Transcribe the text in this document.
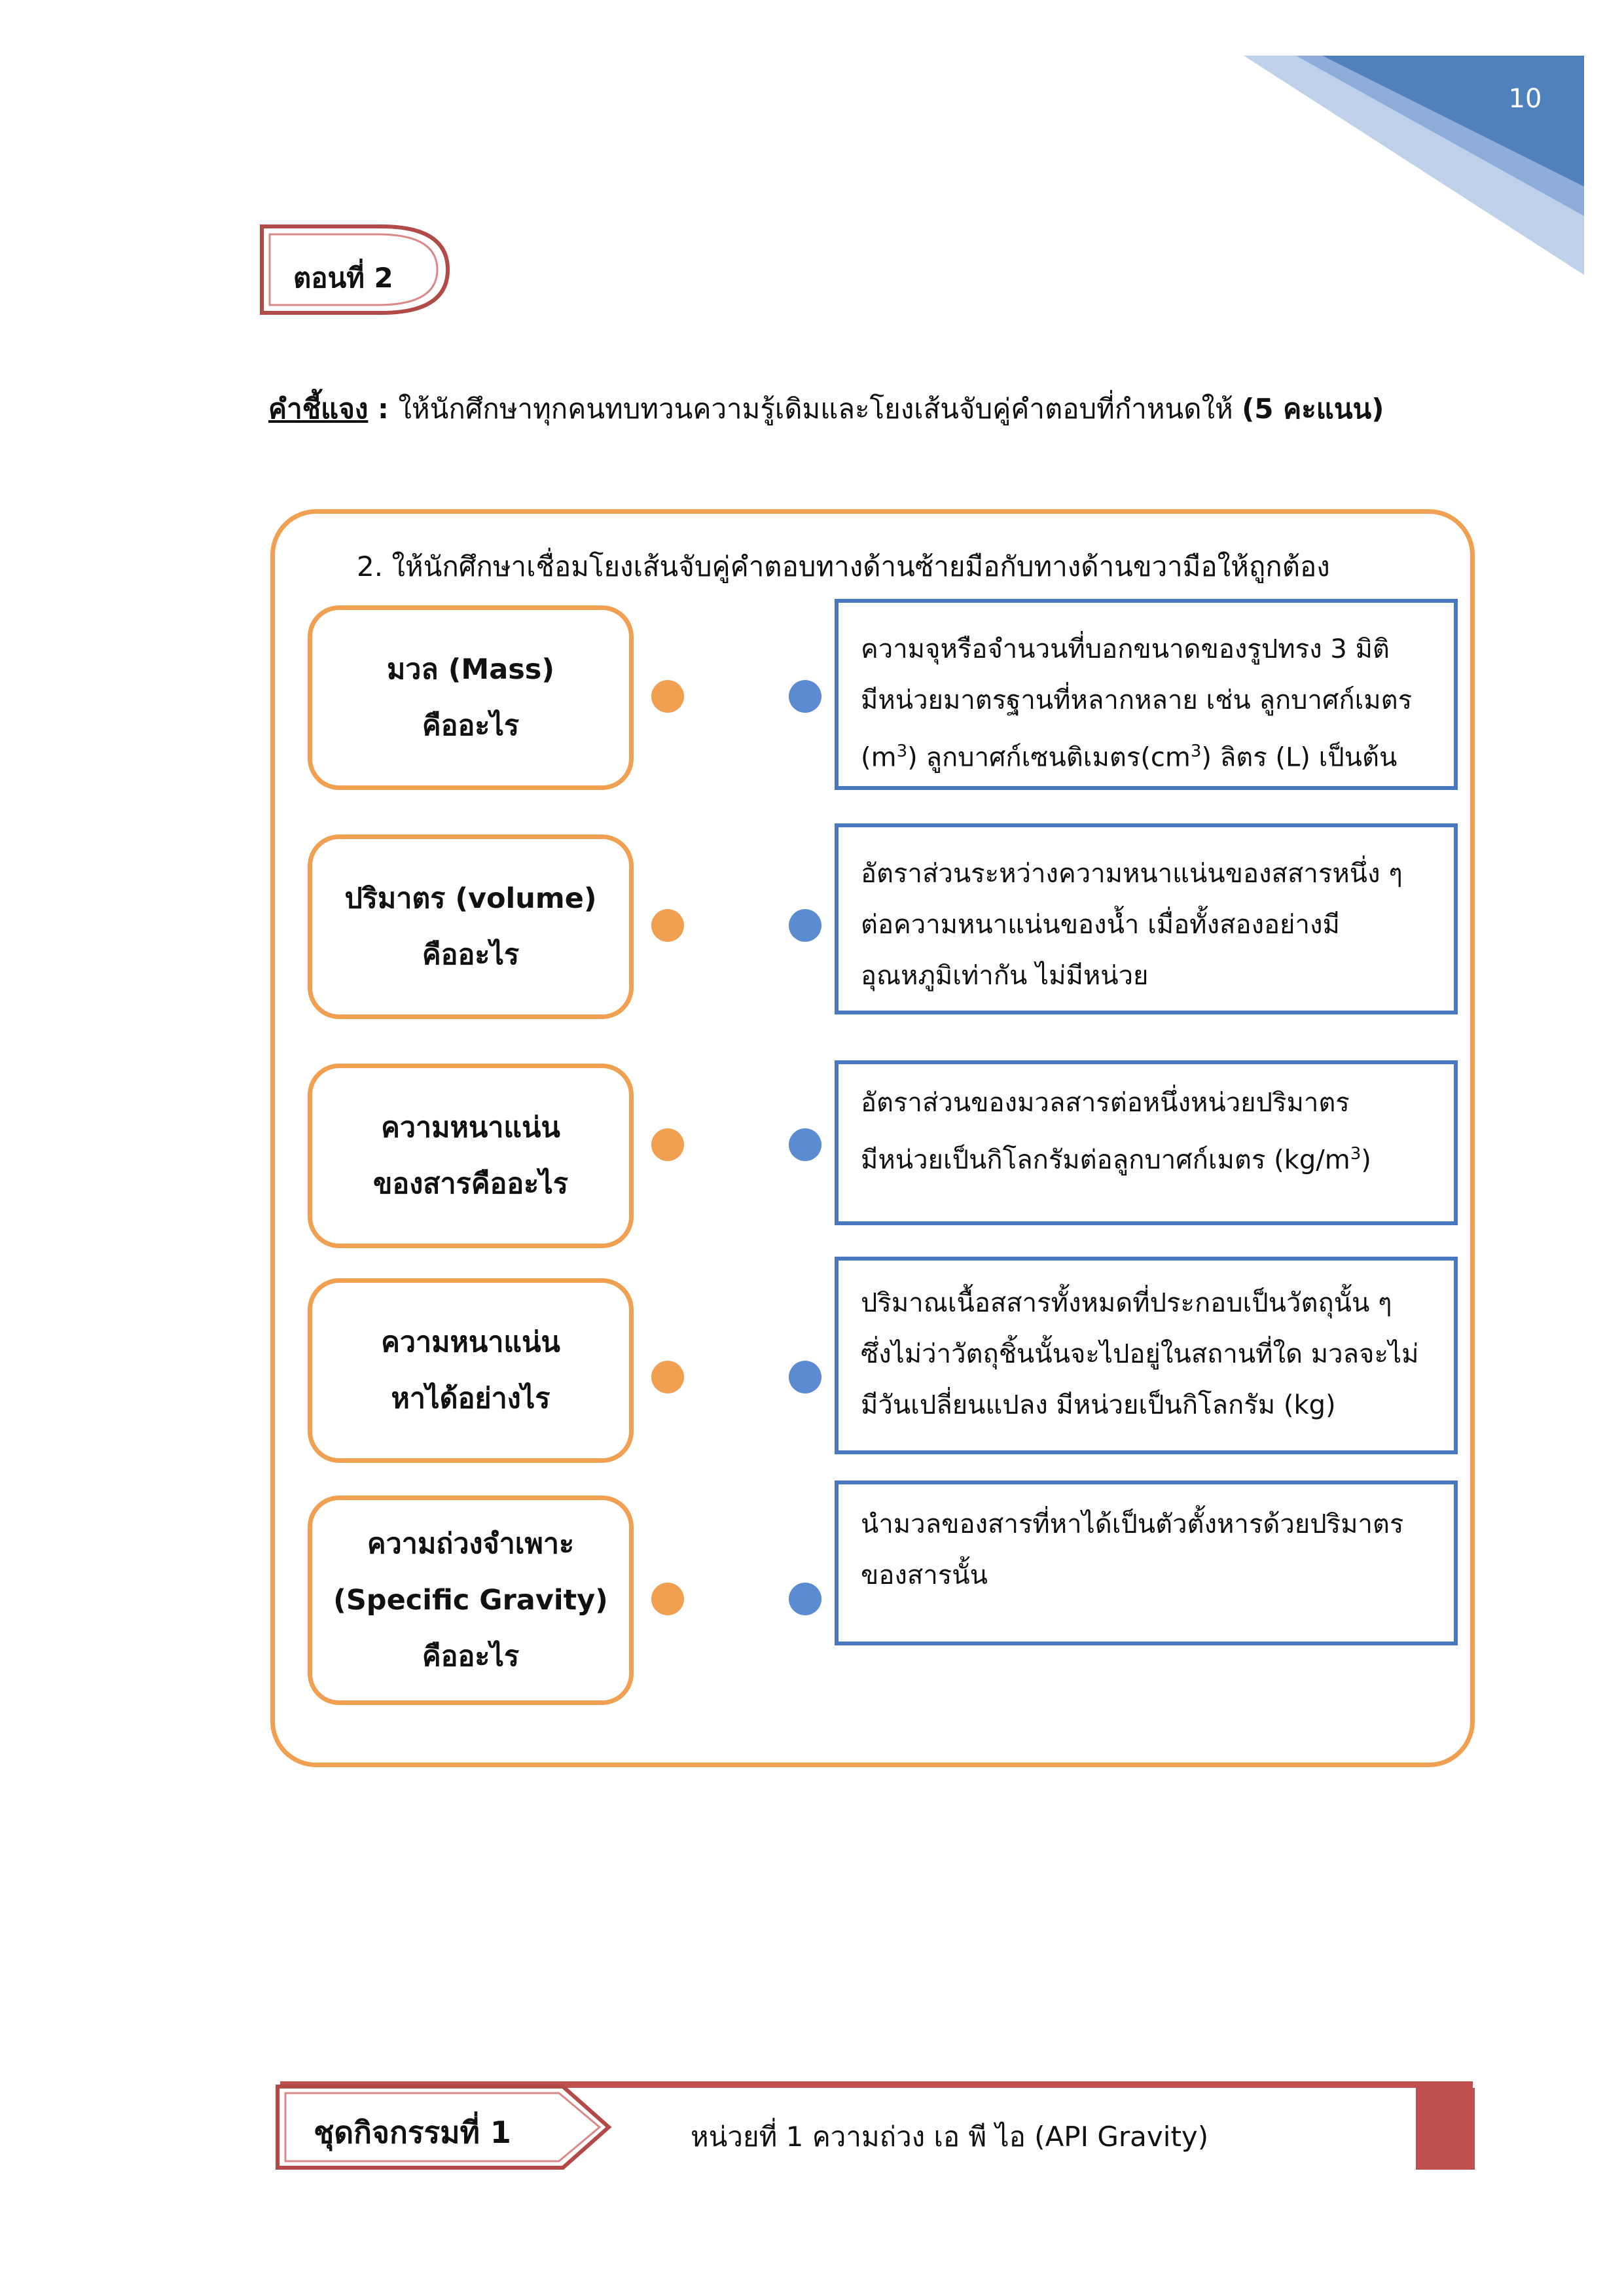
10
ตอนที่ 2
คำชี้แจง : ให้นักศึกษาทุกคนทบทวนความรู้เดิมและโยงเส้นจับคู่คำตอบที่กำหนดให้ (5 คะแนน)
2. ให้นักศึกษาเชื่อมโยงเส้นจับคู่คำตอบทางด้านซ้ายมือกับทางด้านขวามือให้ถูกต้อง
มวล (Mass)
คืออะไร
ปริมาตร (volume)
คืออะไร
ความหนาแน่น
ของสารคืออะไร
ความหนาแน่น
หาได้อย่างไร
ความถ่วงจำเพาะ
(Specific Gravity)
คืออะไร
ความจุหรือจำนวนที่บอกขนาดของรูปทรง 3 มิติ
มีหน่วยมาตรฐานที่หลากหลาย เช่น ลูกบาศก์เมตร
$(m^3)$ ลูกบาศก์เซนติเมตร$(cm^3)$ ลิตร (L) เป็นต้น
อัตราส่วนระหว่างความหนาแน่นของสสารหนึ่ง ๆ
ต่อความหนาแน่นของน้ำ เมื่อทั้งสองอย่างมี
อุณหภูมิเท่ากัน ไม่มีหน่วย
อัตราส่วนของมวลสารต่อหนึ่งหน่วยปริมาตร
มีหน่วยเป็นกิโลกรัมต่อลูกบาศก์เมตร $(kg/m^3)$
ปริมาณเนื้อสสารทั้งหมดที่ประกอบเป็นวัตถุนั้น ๆ
ซึ่งไม่ว่าวัตถุชิ้นนั้นจะไปอยู่ในสถานที่ใด มวลจะไม่
มีวันเปลี่ยนแปลง มีหน่วยเป็นกิโลกรัม (kg)
นำมวลของสารที่หาได้เป็นตัวตั้งหารด้วยปริมาตร
ของสารนั้น
ชุดกิจกรรมที่ 1	หน่วยที่ 1 ความถ่วง เอ พี ไอ (API Gravity)
